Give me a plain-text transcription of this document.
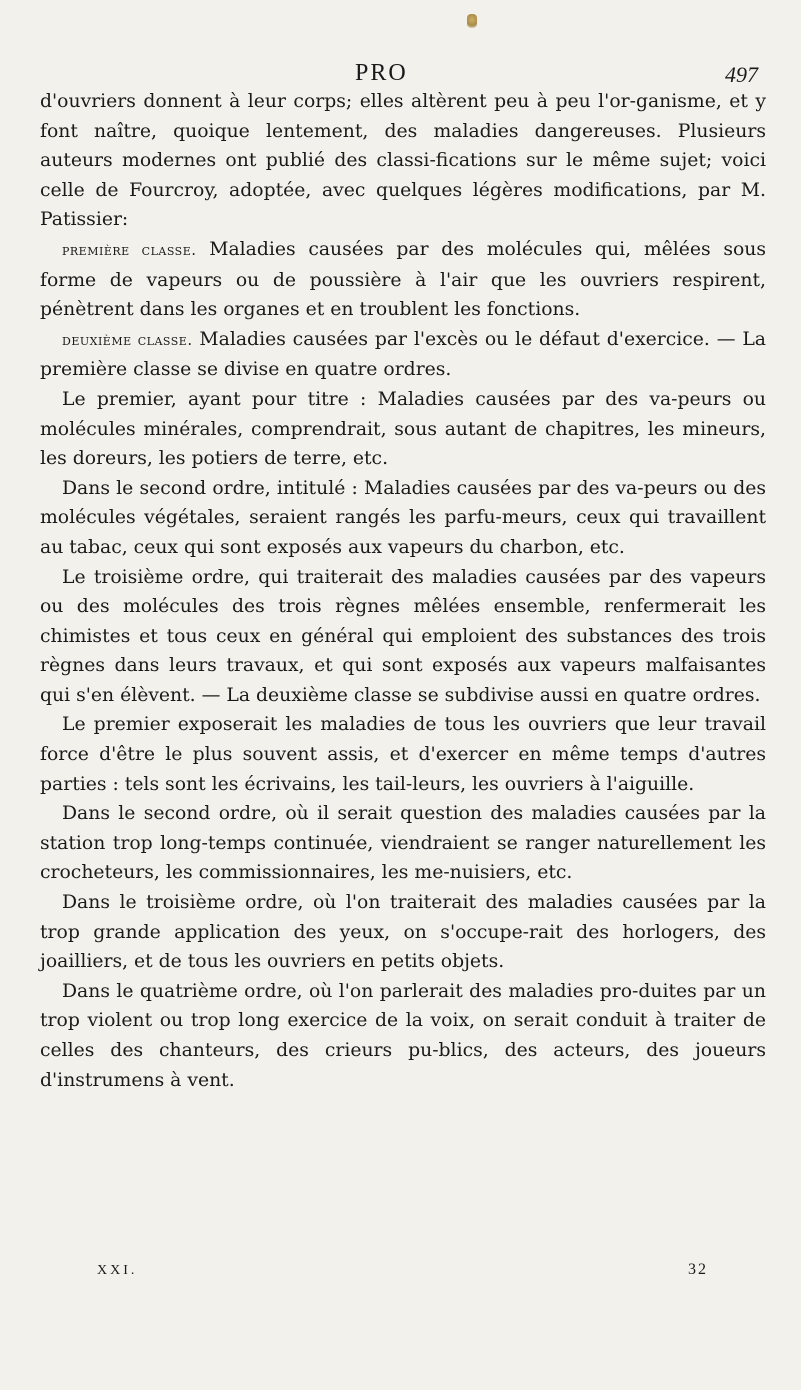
PRO	497

d'ouvriers donnent à leur corps; elles altèrent peu à peu l'or-ganisme, et y font naître, quoique lentement, des maladies dangereuses. Plusieurs auteurs modernes ont publié des classi-fications sur le même sujet; voici celle de Fourcroy, adoptée, avec quelques légères modifications, par M. Patissier:

première classe. Maladies causées par des molécules qui, mêlées sous forme de vapeurs ou de poussière à l'air que les ouvriers respirent, pénètrent dans les organes et en troublent les fonctions.

deuxième classe. Maladies causées par l'excès ou le défaut d'exercice. — La première classe se divise en quatre ordres.

Le premier, ayant pour titre : Maladies causées par des va-peurs ou molécules minérales, comprendrait, sous autant de chapitres, les mineurs, les doreurs, les potiers de terre, etc.

Dans le second ordre, intitulé : Maladies causées par des va-peurs ou des molécules végétales, seraient rangés les parfu-meurs, ceux qui travaillent au tabac, ceux qui sont exposés aux vapeurs du charbon, etc.

Le troisième ordre, qui traiterait des maladies causées par des vapeurs ou des molécules des trois règnes mêlées ensemble, renfermerait les chimistes et tous ceux en général qui emploient des substances des trois règnes dans leurs travaux, et qui sont exposés aux vapeurs malfaisantes qui s'en élèvent. — La deuxième classe se subdivise aussi en quatre ordres.

Le premier exposerait les maladies de tous les ouvriers que leur travail force d'être le plus souvent assis, et d'exercer en même temps d'autres parties : tels sont les écrivains, les tail-leurs, les ouvriers à l'aiguille.

Dans le second ordre, où il serait question des maladies causées par la station trop long-temps continuée, viendraient se ranger naturellement les crocheteurs, les commissionnaires, les me-nuisiers, etc.

Dans le troisième ordre, où l'on traiterait des maladies causées par la trop grande application des yeux, on s'occupe-rait des horlogers, des joailliers, et de tous les ouvriers en petits objets.

Dans le quatrième ordre, où l'on parlerait des maladies pro-duites par un trop violent ou trop long exercice de la voix, on serait conduit à traiter de celles des chanteurs, des crieurs pu-blics, des acteurs, des joueurs d'instrumens à vent.

XXI.	32
